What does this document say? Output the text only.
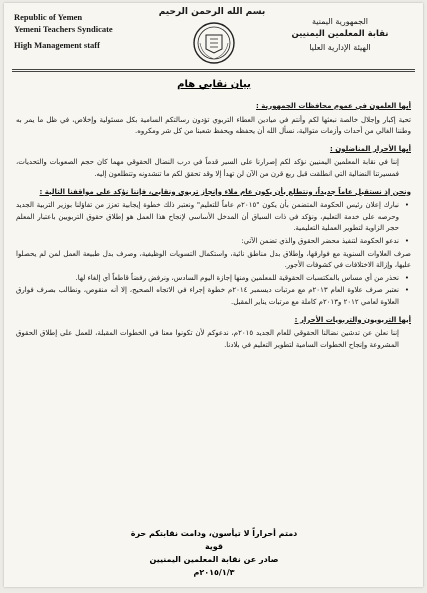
Republic of Yemen
Yemeni Teachers Syndicate
High Management staff
بسم الله الرحمن الرحيم
الجمهورية اليمنية
نقابة المعلمين اليمنيين
الهيئة الإدارية العليا
بيان نقابي هام
أيها العلمون في عموم محافظات الجمهورية :

تحية إكبار وإجلال خالصة نبعثها لكم وأنتم في ميادين العطاء التربوي تؤدون رسالتكم السامية بكل مسئولية وإخلاص، في ظل ما يمر به وطننا الغالي من أحداث وأزمات متوالية، نسأل الله أن يحفظه ويحفظ شعبنا من كل شر ومكروه.

أيها الأحرار المناضلون :

إننا في نقابة المعلمين اليمنيين نؤكد لكم إصرارنا على السير قدماً في درب النضال الحقوقي مهما كان حجم الصعوبات والتحديات، فمسيرتنا النضالية التي انطلقت قبل ربع قرن من الآن لن تهدأ إلا وقد تحقق لكم ما تنشدونه وتتطلعون إليه.

ونحن إذ نستقبل عاماً جديداً، ونتطلع بأن يكون عام ملاء وإنجاز تربوي ونقابي، فإننا نؤكد على مواقفنا التالية :
• نبارك إعلان رئيس الحكومة المتضمن بأن يكون "٢٠١٥م عاماً للتعليم" ونعتبر ذلك خطوة إيجابية تعزز من تفاؤلنا بوزير التربية الجديد وحرصه على خدمة التعليم، ونؤكد في ذات السياق أن المدخل الأساسي لإنجاح هذا العمل هو إطلاق حقوق التربويين باعتبار المعلم حجر الزاوية لتطوير العملية التعليمية.
• ندعو الحكومة لتنفيذ محضر الحقوق والذي تضمن الآتي:

صرف العلاوات السنوية مع فوارقها، وإطلاق بدل مناطق نائية، واستكمال التسويات الوظيفية، وصرف بدل طبيعة العمل لمن لم يحصلوا عليها، وإزالة الاختلافات في كشوفات الأجور.

• نحذر من أي مساس بالمكتسبات الحقوقية للمعلمين ومنها إجازة اليوم السادس، ونرفض رفضاً قاطعاً أي إلغاء لها.
• نعتبر صرف علاوة العام ٢٠١٣م مع مرتبات ديسمبر ٢٠١٤م خطوة إجراء في الاتجاه الصحيح، إلا أنه منقوص، ونطالب بصرف فوارق العلاوة لعامي ٢٠١٢ و٢٠١٣م كاملة مع مرتبات يناير المقبل.
أيها التربويون والتربويات الأحرار :

إننا نعلن عن تدشين نضالنا الحقوقي للعام الجديد ٢٠١٥م، ندعوكم لأن تكونوا معنا في الخطوات المقبلة، للعمل على إطلاق الحقوق المشروعة وإنجاح الخطوات السامية لتطوير التعليم في بلادنا.

دمتم أحراراً لا تيأسون، ودامت نقابتكم حرة قوية
صادر عن نقابة المعلمين اليمنيين
٢٠١٥/١/٣م
